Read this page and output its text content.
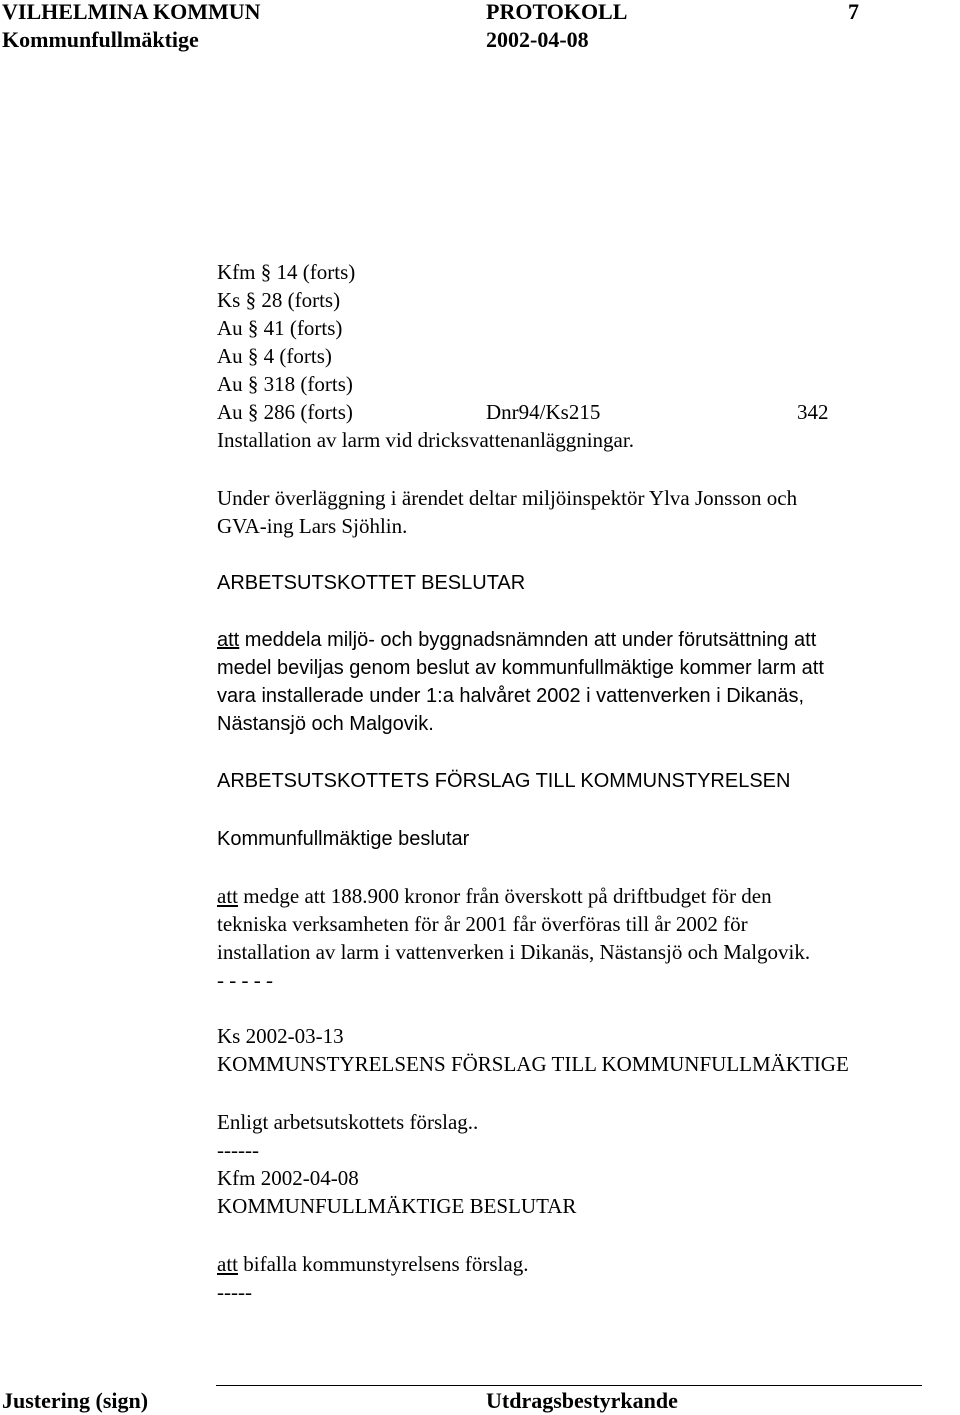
VILHELMINA KOMMUN	PROTOKOLL	7
Kommunfullmäktige	2002-04-08
Kfm § 14 (forts)
Ks § 28 (forts)
Au § 41 (forts)
Au § 4 (forts)
Au § 318 (forts)
Au § 286 (forts)	Dnr94/Ks215	342
Installation av larm vid dricksvattenanläggningar.
Under överläggning i ärendet deltar miljöinspektör Ylva Jonsson och
GVA-ing Lars Sjöhlin.
ARBETSUTSKOTTET BESLUTAR
att meddela miljö- och byggnadsnämnden att under förutsättning att
medel beviljas genom beslut av kommunfullmäktige kommer larm att
vara installerade under 1:a halvåret 2002 i vattenverken i Dikanäs,
Nästansjö och Malgovik.
ARBETSUTSKOTTETS FÖRSLAG TILL KOMMUNSTYRELSEN
Kommunfullmäktige beslutar
att medge att 188.900 kronor från överskott på driftbudget för den
tekniska verksamheten för år 2001 får överföras till år 2002 för
installation av larm i vattenverken i Dikanäs, Nästansjö och Malgovik.
- - - - -
Ks 2002-03-13
KOMMUNSTYRELSENS FÖRSLAG TILL KOMMUNFULLMÄKTIGE
Enligt arbetsutskottets förslag..
------
Kfm 2002-04-08
KOMMUNFULLMÄKTIGE BESLUTAR
att bifalla kommunstyrelsens förslag.
-----
Justering (sign)	Utdragsbestyrkande
